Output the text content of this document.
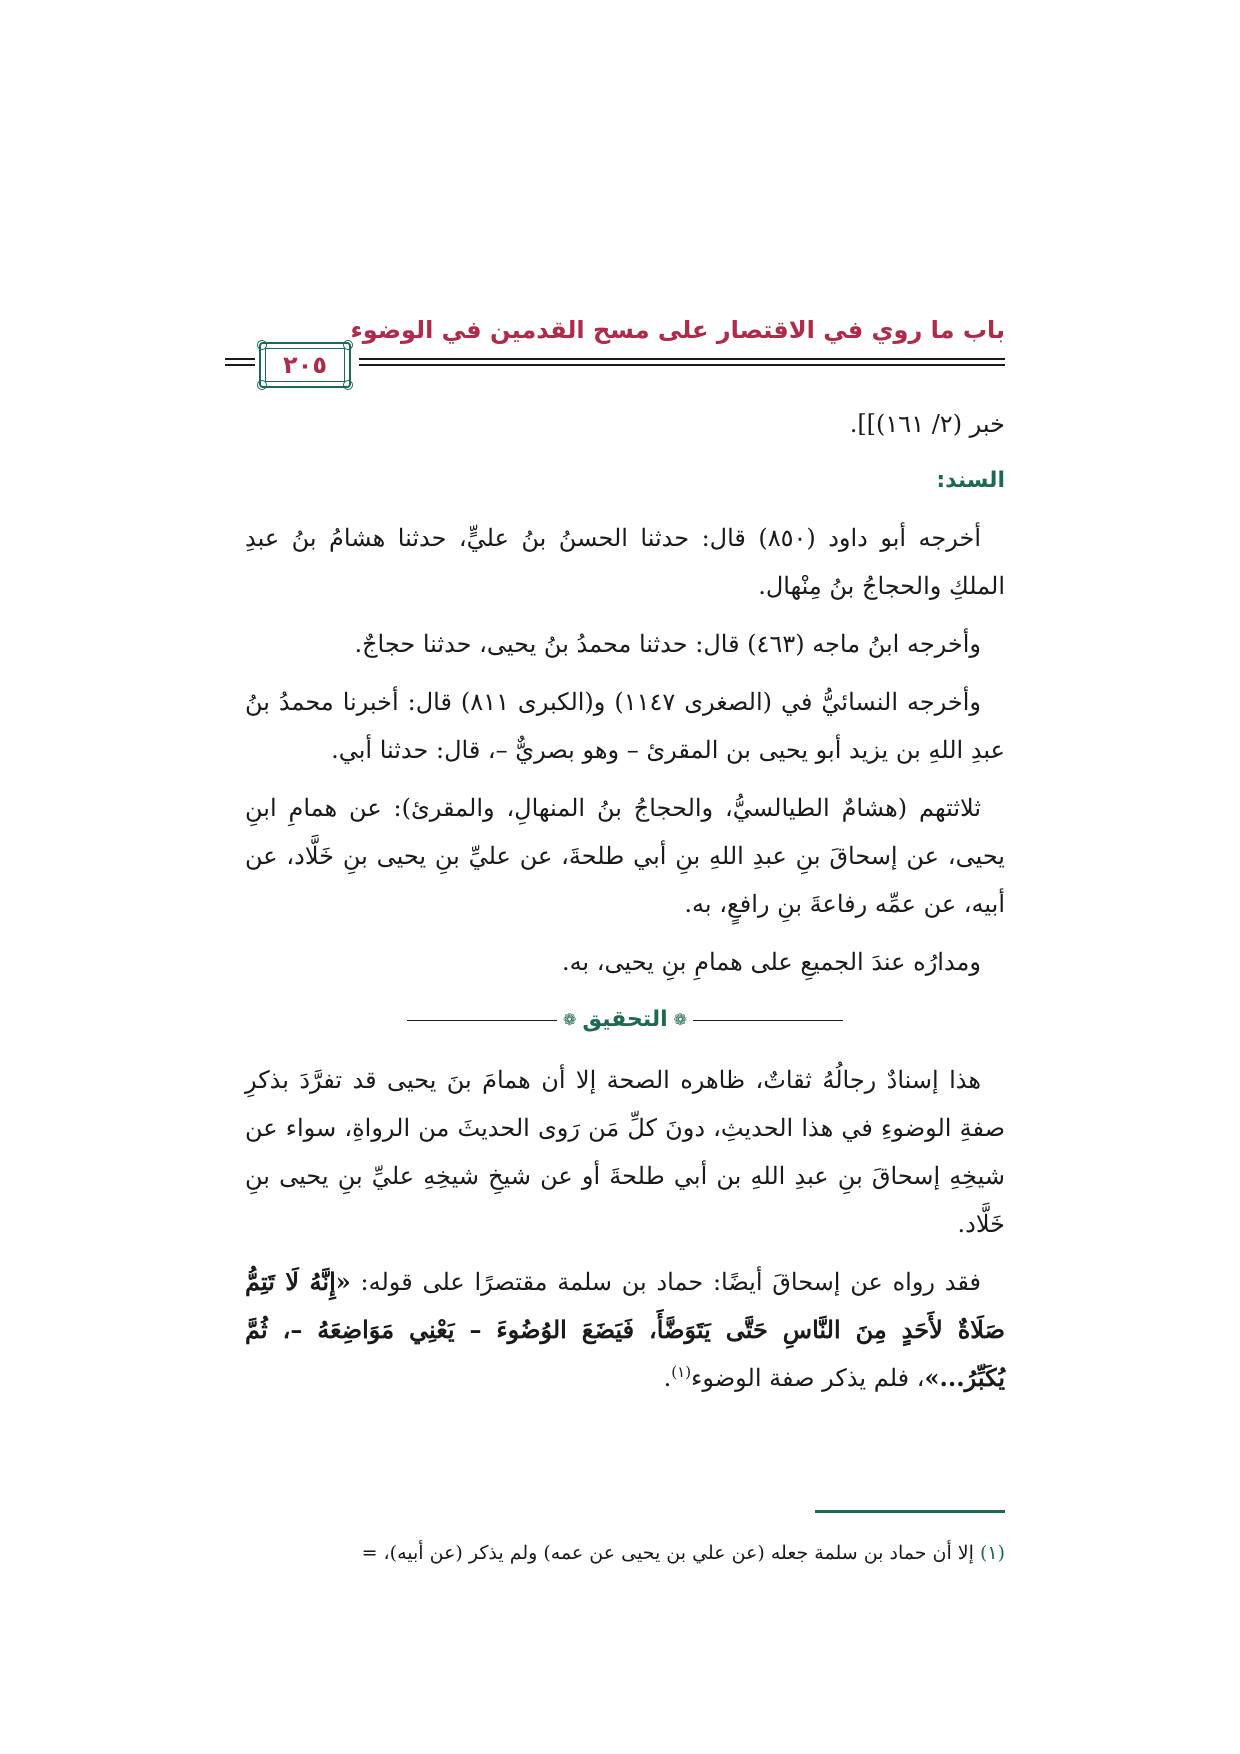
باب ما روي في الاقتصار على مسح القدمين في الوضوء
٢٠٥

خبر (٢/ ١٦١)]].

السند:

أخرجه أبو داود (٨٥٠) قال: حدثنا الحسنُ بنُ عليٍّ، حدثنا هشامُ بنُ عبدِ الملكِ والحجاجُ بنُ مِنْهال.

وأخرجه ابنُ ماجه (٤٦٣) قال: حدثنا محمدُ بنُ يحيى، حدثنا حجاجٌ.

وأخرجه النسائيُّ في (الصغرى ١١٤٧) و(الكبرى ٨١١) قال: أخبرنا محمدُ بنُ عبدِ اللهِ بن يزيد أبو يحيى بن المقرئ – وهو بصريٌّ –، قال: حدثنا أبي.

ثلاثتهم (هشامٌ الطيالسيُّ، والحجاجُ بنُ المنهالِ، والمقرئ): عن همامِ ابنِ يحيى، عن إسحاقَ بنِ عبدِ اللهِ بنِ أبي طلحةَ، عن عليِّ بنِ يحيى بنِ خَلَّاد، عن أبيه، عن عمِّه رفاعةَ بنِ رافعٍ، به.

ومدارُه عندَ الجميعِ على همامِ بنِ يحيى، به.

❁
التحقيق
❁

هذا إسنادٌ رجالُهُ ثقاتٌ، ظاهره الصحة إلا أن همامَ بنَ يحيى قد تفرَّدَ بذكرِ صفةِ الوضوءِ في هذا الحديثِ، دونَ كلِّ مَن رَوى الحديثَ من الرواةِ، سواء عن شيخِهِ إسحاقَ بنِ عبدِ اللهِ بن أبي طلحةَ أو عن شيخِ شيخِهِ عليِّ بنِ يحيى بنِ خَلَّاد.

فقد رواه عن إسحاقَ أيضًا: حماد بن سلمة مقتصرًا على قوله: «إِنَّهُ لَا تَتِمُّ صَلَاةٌ لأَحَدٍ مِنَ النَّاسِ حَتَّى يَتَوَضَّأَ، فَيَضَعَ الوُضُوءَ – يَعْنِي مَوَاضِعَهُ –، ثُمَّ يُكَبِّرُ...»، فلم يذكر صفة الوضوء$^{(١)}$.

(١) إلا أن حماد بن سلمة جعله (عن علي بن يحيى عن عمه) ولم يذكر (عن أبيه)، =
